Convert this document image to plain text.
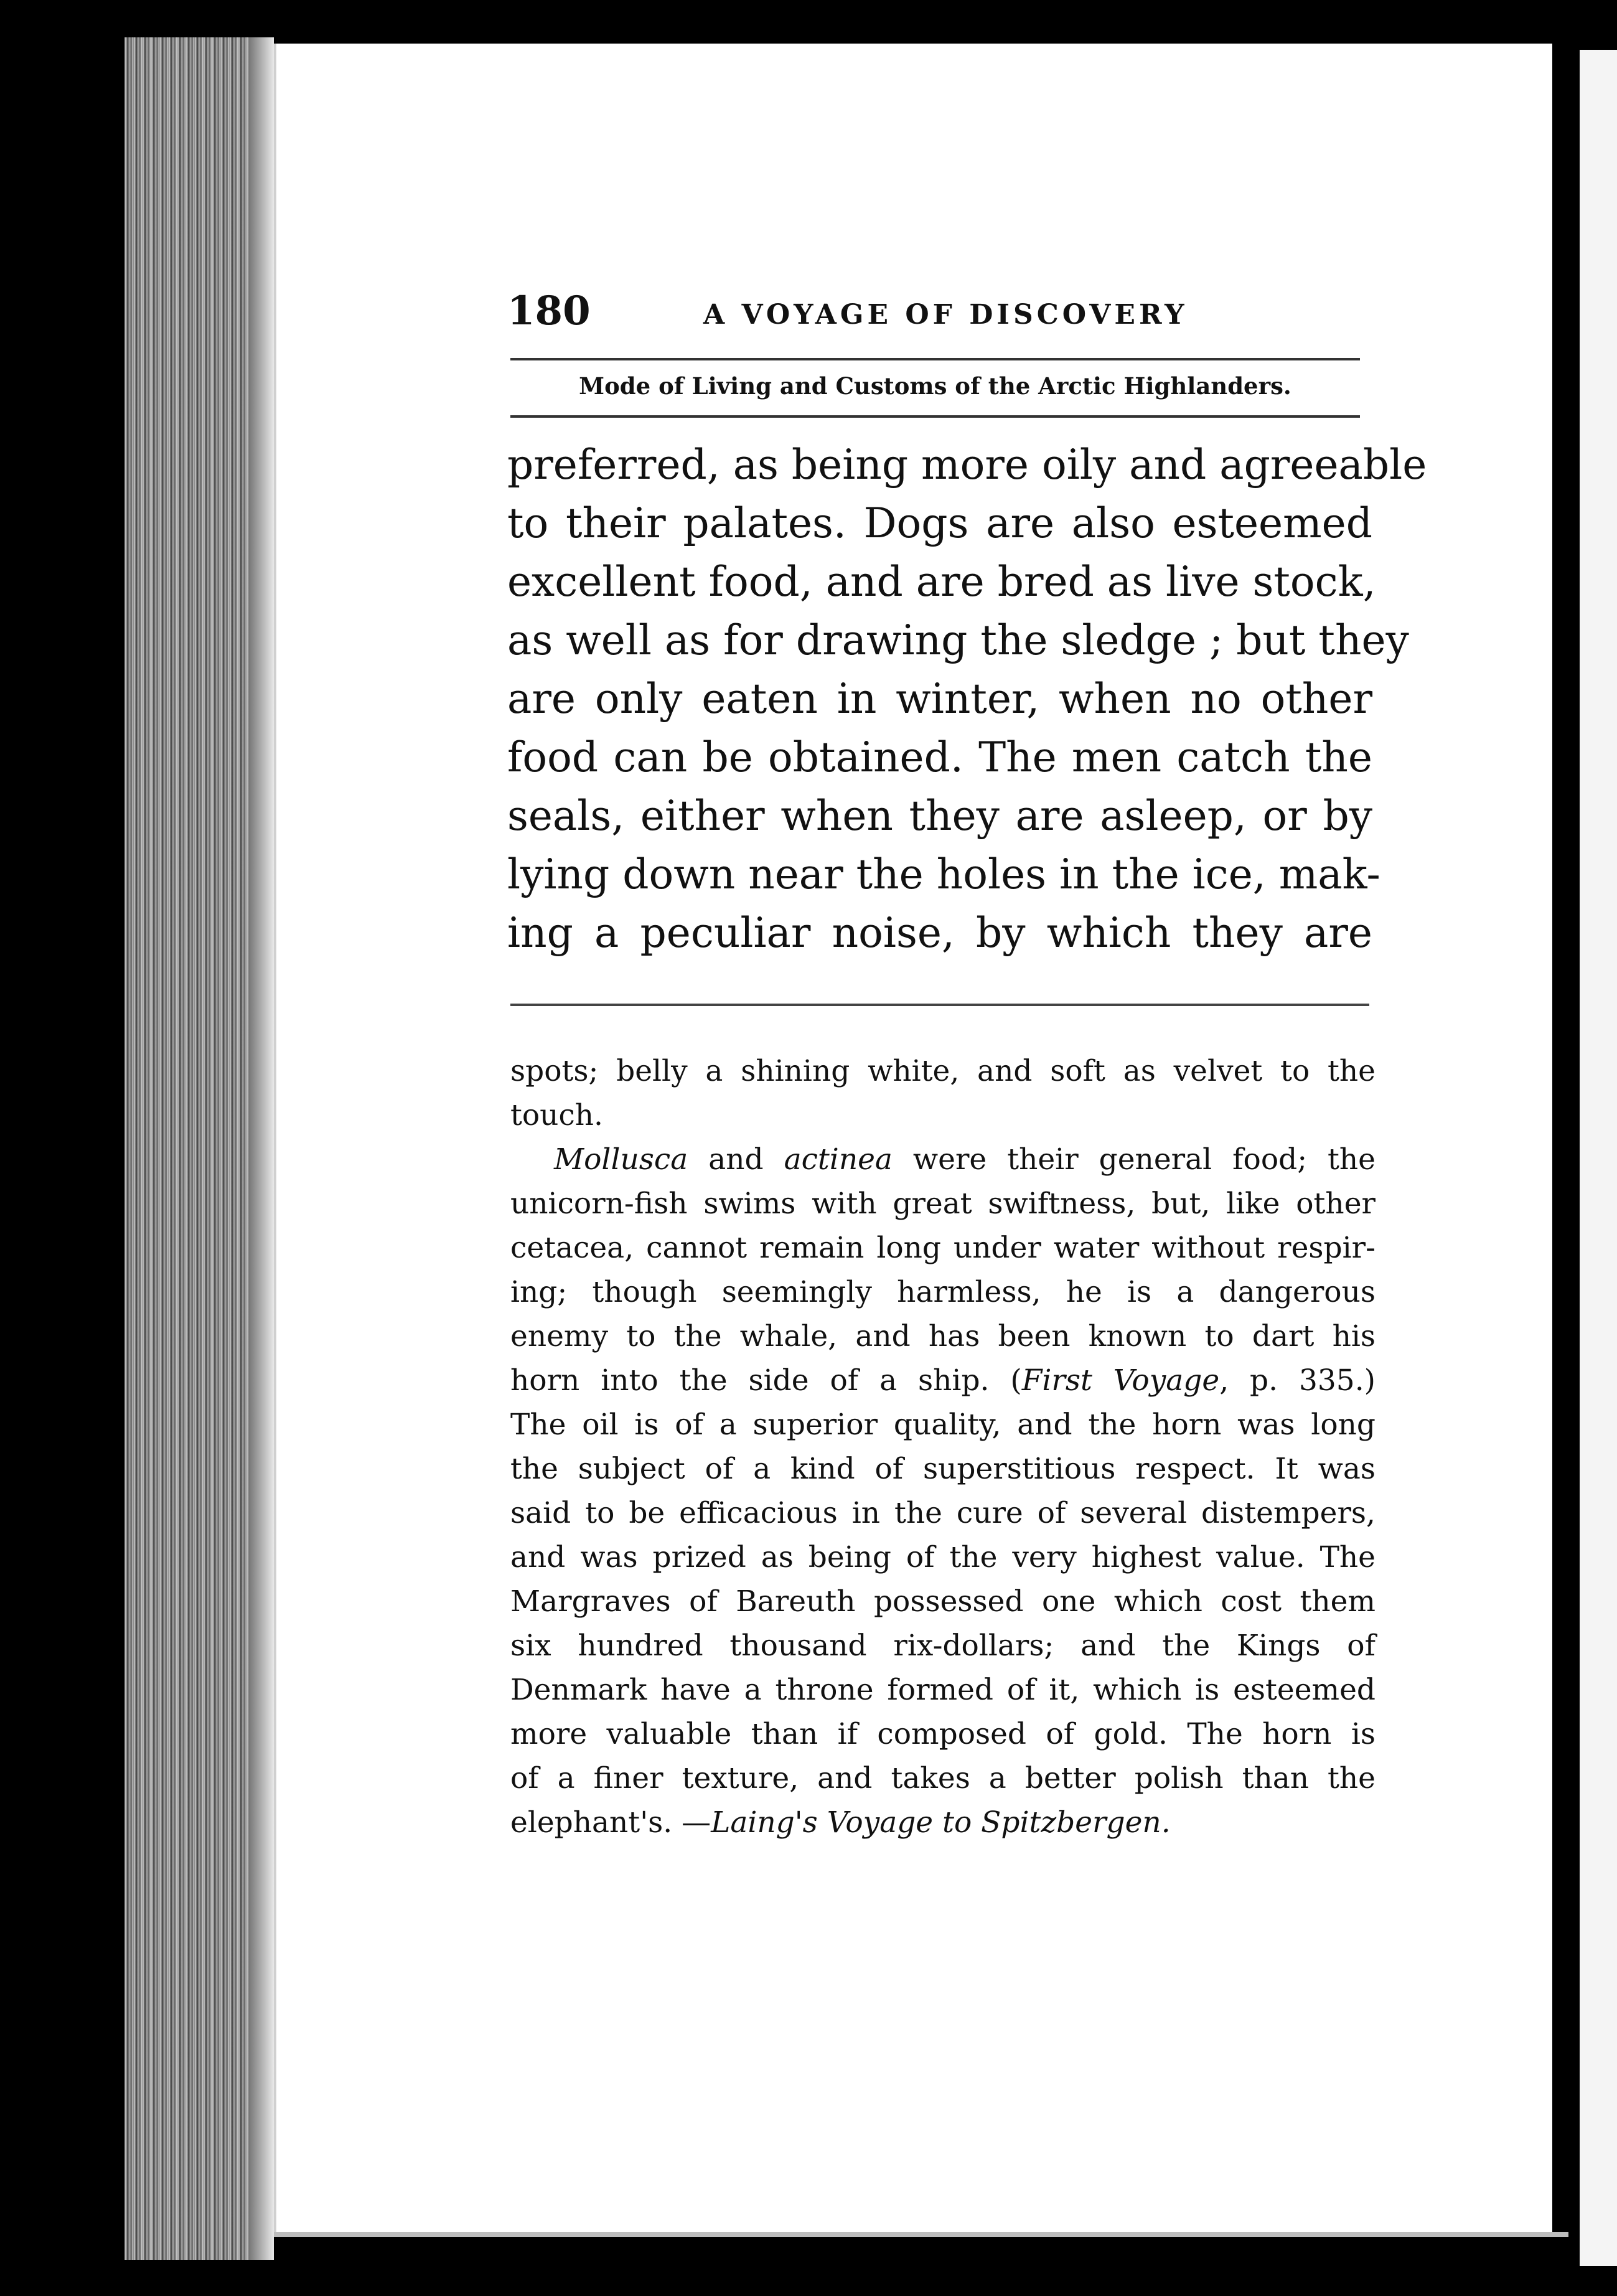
180	A VOYAGE OF DISCOVERY
Mode of Living and Customs of the Arctic Highlanders.
preferred, as being more oily and agreeable
to their palates. Dogs are also esteemed
excellent food, and are bred as live stock,
as well as for drawing the sledge ; but they
are only eaten in winter, when no other
food can be obtained. The men catch the
seals, either when they are asleep, or by
lying down near the holes in the ice, mak-
ing a peculiar noise, by which they are
spots; belly a shining white, and soft as velvet to the
touch.
Mollusca and actinea were their general food; the
unicorn-fish swims with great swiftness, but, like other
cetacea, cannot remain long under water without respir-
ing; though seemingly harmless, he is a dangerous
enemy to the whale, and has been known to dart his
horn into the side of a ship. (First Voyage, p. 335.)
The oil is of a superior quality, and the horn was long
the subject of a kind of superstitious respect. It was
said to be efficacious in the cure of several distempers,
and was prized as being of the very highest value. The
Margraves of Bareuth possessed one which cost them
six hundred thousand rix-dollars; and the Kings of
Denmark have a throne formed of it, which is esteemed
more valuable than if composed of gold. The horn is
of a finer texture, and takes a better polish than the
elephant's. —Laing's Voyage to Spitzbergen.
